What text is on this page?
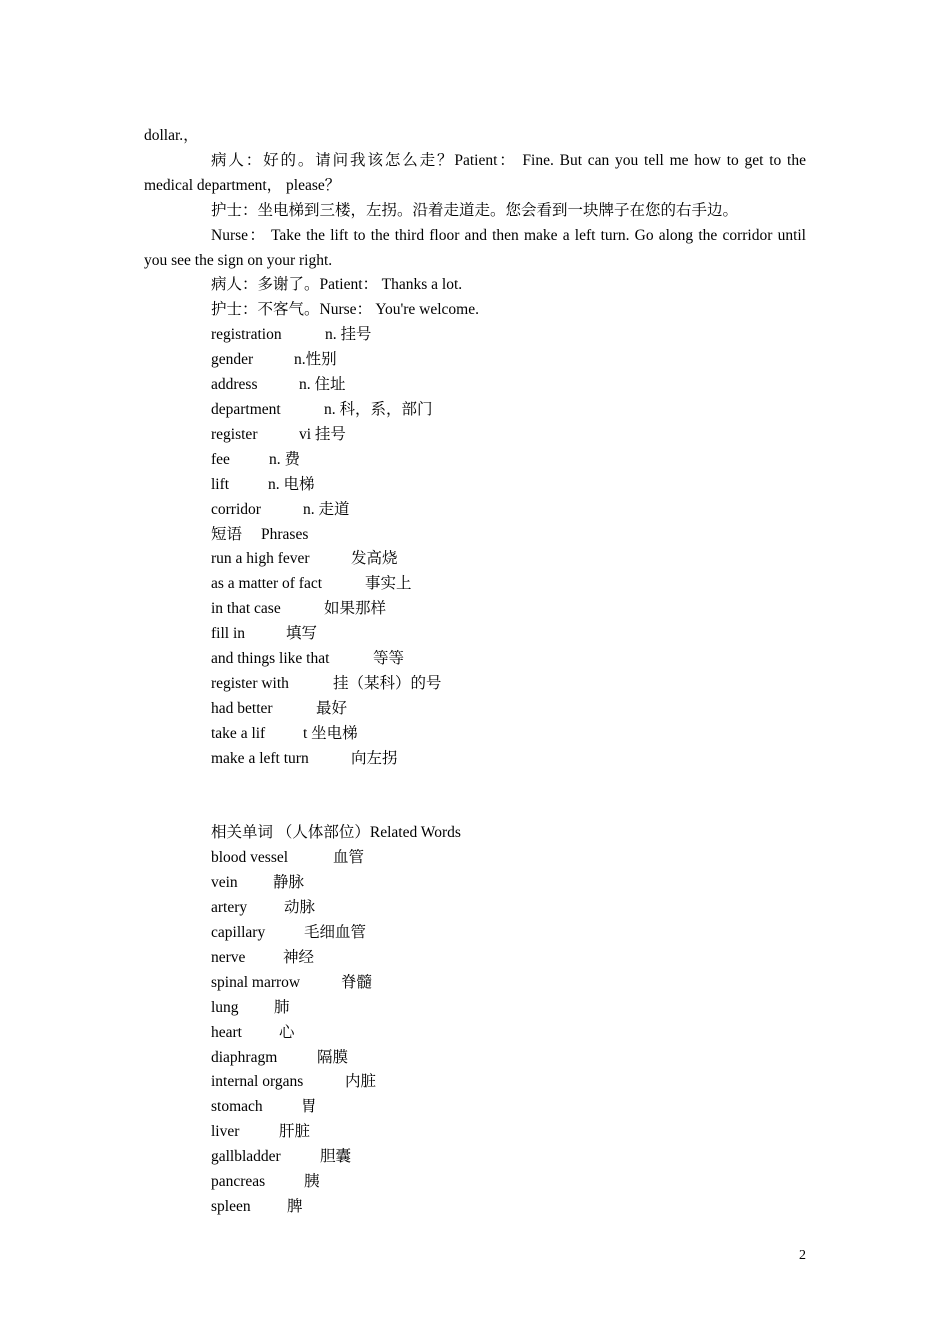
dollar.，
病人：好的。请问我该怎么走？Patient： Fine. But can you tell me how to get to the medical department， please？
护士：坐电梯到三楼，左拐。沿着走道走。您会看到一块牌子在您的右手边。
Nurse： Take the lift to the third floor and then make a left turn. Go along the corridor until you see the sign on your right.
病人：多谢了。Patient： Thanks a lot.
护士：不客气。Nurse： You're welcome.
registration	n. 挂号
gender	n.性别
address	n. 住址
department	n. 科，系，部门
register	vi 挂号
fee	n. 费
lift	n. 电梯
corridor	n. 走道
短语 Phrases
run a high fever	发高烧
as a matter of fact	事实上
in that case	如果那样
fill in	填写
and things like that	等等
register with	挂（某科）的号
had better	最好
take a lif t 坐电梯
make a left turn	向左拐
相关单词 （人体部位）Related Words
blood vessel	血管
vein 静脉
artery 动脉
capillary	毛细血管
nerve 神经
spinal marrow	脊髓
lung 肺
heart 心
diaphragm	隔膜
internal organs	内脏
stomach 胃
liver	肝脏
gallbladder	胆囊
pancreas	胰
spleen 脾
2
